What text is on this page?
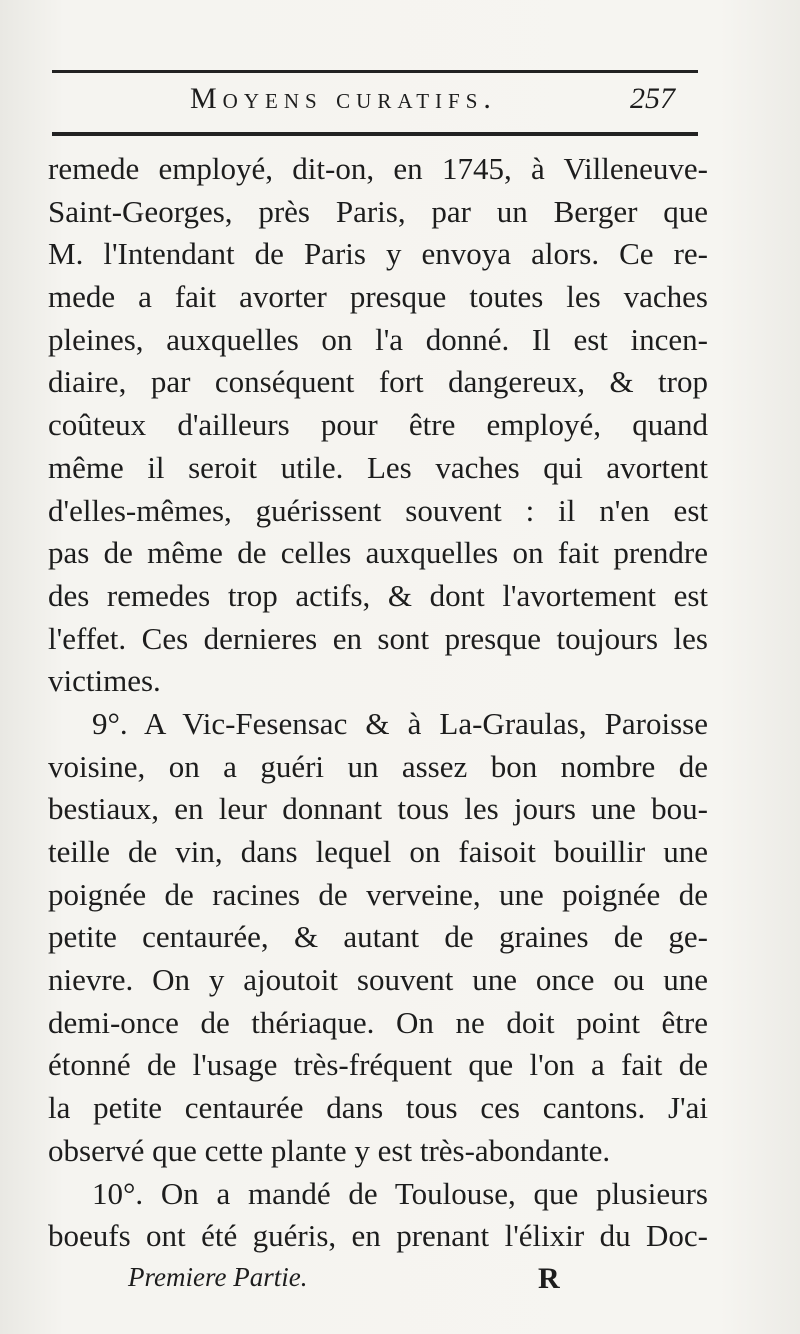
Moyens curatifs.	257
remede employé, dit-on, en 1745, à Villeneuve-
Saint-Georges, près Paris, par un Berger que
M. l'Intendant de Paris y envoya alors. Ce re-
mede a fait avorter presque toutes les vaches
pleines, auxquelles on l'a donné. Il est incen-
diaire, par conséquent fort dangereux, & trop
coûteux d'ailleurs pour être employé, quand
même il seroit utile. Les vaches qui avortent
d'elles-mêmes, guérissent souvent : il n'en est
pas de même de celles auxquelles on fait prendre
des remedes trop actifs, & dont l'avortement est
l'effet. Ces dernieres en sont presque toujours les
victimes.
9°. A Vic-Fesensac & à La-Graulas, Paroisse
voisine, on a guéri un assez bon nombre de
bestiaux, en leur donnant tous les jours une bou-
teille de vin, dans lequel on faisoit bouillir une
poignée de racines de verveine, une poignée de
petite centaurée, & autant de graines de ge-
nievre. On y ajoutoit souvent une once ou une
demi-once de thériaque. On ne doit point être
étonné de l'usage très-fréquent que l'on a fait de
la petite centaurée dans tous ces cantons. J'ai
observé que cette plante y est très-abondante.
10°. On a mandé de Toulouse, que plusieurs
boeufs ont été guéris, en prenant l'élixir du Doc-
Premiere Partie.	R
